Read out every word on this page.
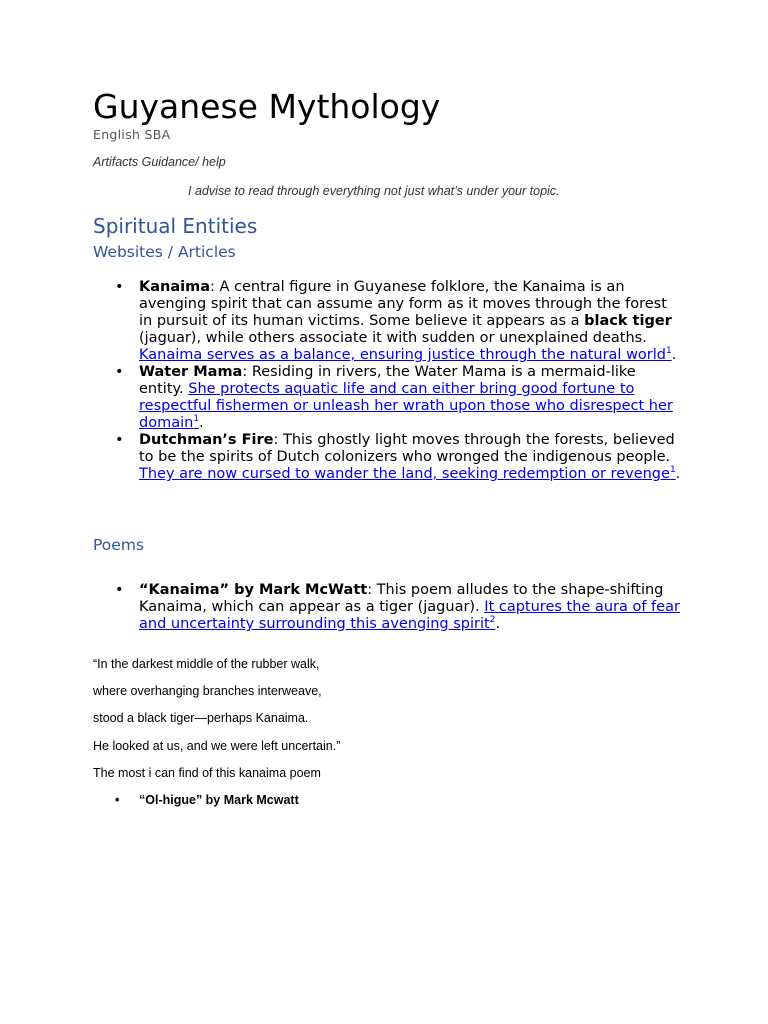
Guyanese Mythology
English SBA
Artifacts Guidance/ help
I advise to read through everything not just what’s under your topic.
Spiritual Entities
Websites / Articles
• Kanaima: A central figure in Guyanese folklore, the Kanaima is an avenging spirit that can assume any form as it moves through the forest in pursuit of its human victims. Some believe it appears as a black tiger (jaguar), while others associate it with sudden or unexplained deaths. Kanaima serves as a balance, ensuring justice through the natural world$^1$.
• Water Mama: Residing in rivers, the Water Mama is a mermaid-like entity. She protects aquatic life and can either bring good fortune to respectful fishermen or unleash her wrath upon those who disrespect her domain$^1$.
• Dutchman’s Fire: This ghostly light moves through the forests, believed to be the spirits of Dutch colonizers who wronged the indigenous people. They are now cursed to wander the land, seeking redemption or revenge$^1$.
Poems
• “Kanaima” by Mark McWatt: This poem alludes to the shape-shifting Kanaima, which can appear as a tiger (jaguar). It captures the aura of fear and uncertainty surrounding this avenging spirit$^2$.
“In the darkest middle of the rubber walk,
where overhanging branches interweave,
stood a black tiger—perhaps Kanaima.
He looked at us, and we were left uncertain.”
The most i can find of this kanaima poem
• “Ol-higue” by Mark Mcwatt
